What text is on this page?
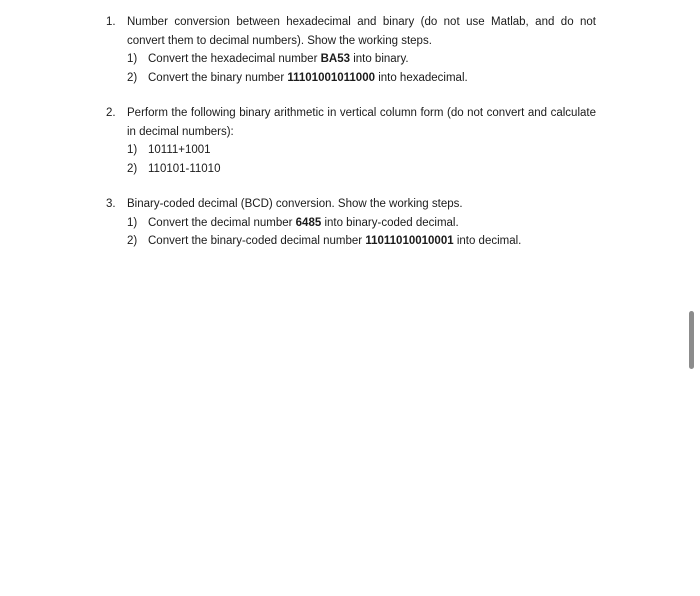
1. Number conversion between hexadecimal and binary (do not use Matlab, and do not convert them to decimal numbers). Show the working steps.
1) Convert the hexadecimal number BA53 into binary.
2) Convert the binary number 11101001011000 into hexadecimal.
2. Perform the following binary arithmetic in vertical column form (do not convert and calculate in decimal numbers):
1) 10111+1001
2) 110101-11010
3. Binary-coded decimal (BCD) conversion. Show the working steps.
1) Convert the decimal number 6485 into binary-coded decimal.
2) Convert the binary-coded decimal number 11011010010001 into decimal.
